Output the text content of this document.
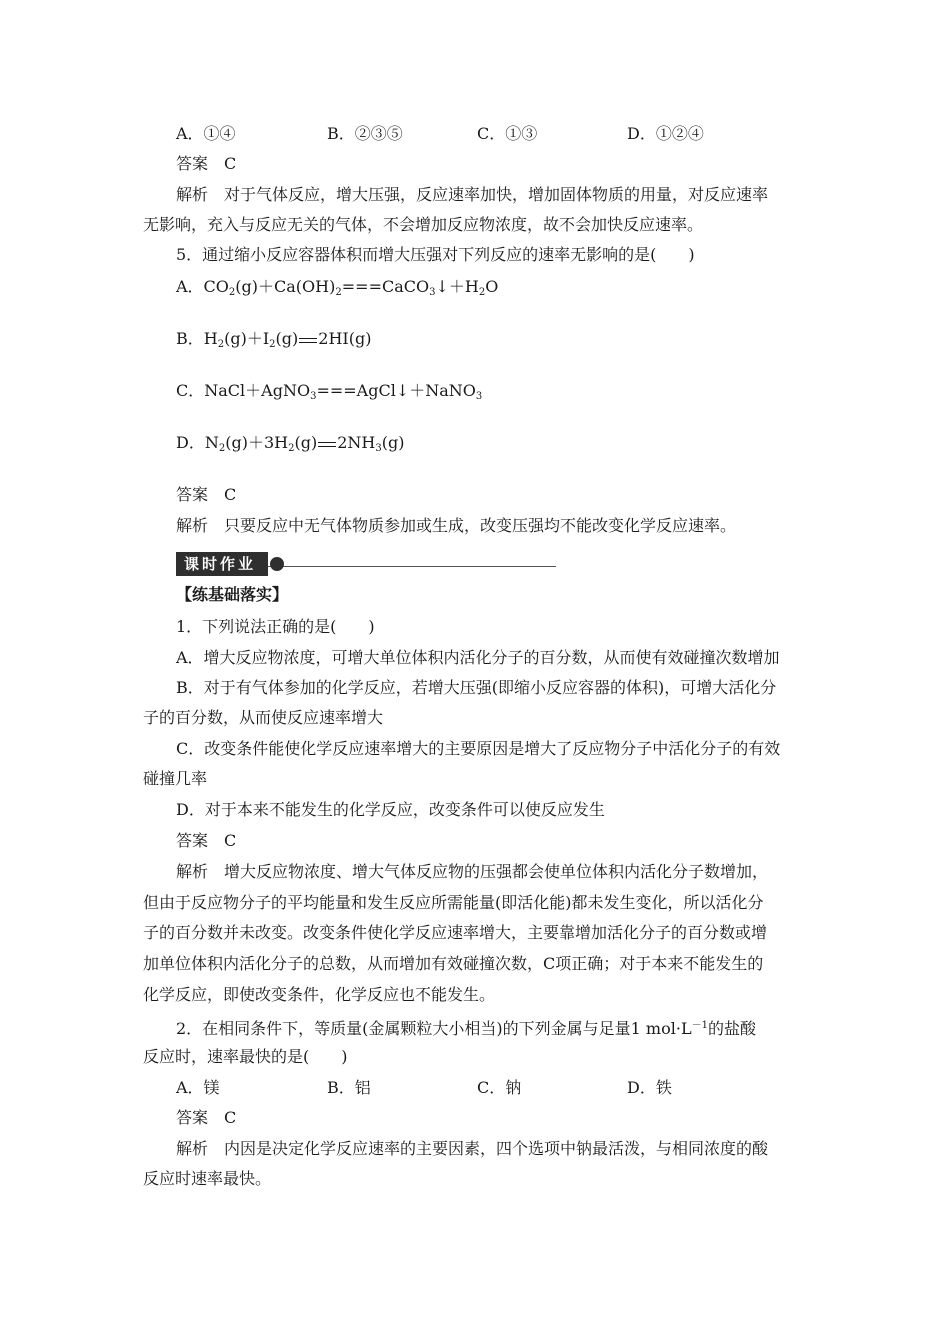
A．①④	B．②③⑤	C．①③	D．①②④
答案　C
解析　对于气体反应，增大压强，反应速率加快，增加固体物质的用量，对反应速率
无影响，充入与反应无关的气体，不会增加反应物浓度，故不会加快反应速率。
5．通过缩小反应容器体积而增大压强对下列反应的速率无影响的是(　　)
A．$CO_2(g)+Ca(OH)_2===CaCO_3↓+H_2O$
B．$H_2(g)+I_2(g)$ 2HI(g)
C．NaCl＋AgNO$_3$===AgCl↓＋NaNO$_3$
D．$N_2(g)+3H_2(g)$ $2NH_3(g)$
答案　C
解析　只要反应中无气体物质参加或生成，改变压强均不能改变化学反应速率。
课时作业
【练基础落实】
1．下列说法正确的是(　　)
A．增大反应物浓度，可增大单位体积内活化分子的百分数，从而使有效碰撞次数增加
B．对于有气体参加的化学反应，若增大压强(即缩小反应容器的体积)，可增大活化分
子的百分数，从而使反应速率增大
C．改变条件能使化学反应速率增大的主要原因是增大了反应物分子中活化分子的有效
碰撞几率
D．对于本来不能发生的化学反应，改变条件可以使反应发生
答案　C
解析　增大反应物浓度、增大气体反应物的压强都会使单位体积内活化分子数增加，
但由于反应物分子的平均能量和发生反应所需能量(即活化能)都未发生变化，所以活化分
子的百分数并未改变。改变条件使化学反应速率增大，主要靠增加活化分子的百分数或增
加单位体积内活化分子的总数，从而增加有效碰撞次数，C项正确；对于本来不能发生的
化学反应，即使改变条件，化学反应也不能发生。
2．在相同条件下，等质量(金属颗粒大小相当)的下列金属与足量1 $mol\cdot L^{-1}$的盐酸
反应时，速率最快的是(　　)
A．镁	B．铝	C．钠	D．铁
答案　C
解析　内因是决定化学反应速率的主要因素，四个选项中钠最活泼，与相同浓度的酸
反应时速率最快。
